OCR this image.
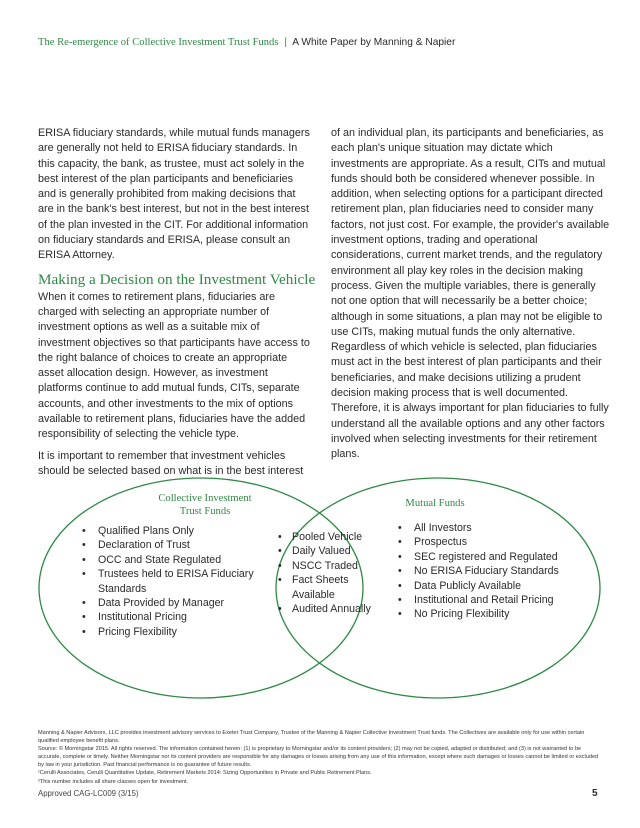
The Re-emergence of Collective Investment Trust Funds | A White Paper by Manning & Napier

ERISA fiduciary standards, while mutual funds managers are generally not held to ERISA fiduciary standards. In this capacity, the bank, as trustee, must act solely in the best interest of the plan participants and beneficiaries and is generally prohibited from making decisions that are in the bank's best interest, but not in the best interest of the plan invested in the CIT. For additional information on fiduciary standards and ERISA, please consult an ERISA Attorney.

Making a Decision on the Investment Vehicle

When it comes to retirement plans, fiduciaries are charged with selecting an appropriate number of investment options as well as a suitable mix of investment objectives so that participants have access to the right balance of choices to create an appropriate asset allocation design. However, as investment platforms continue to add mutual funds, CITs, separate accounts, and other investments to the mix of options available to retirement plans, fiduciaries have the added responsibility of selecting the vehicle type.

It is important to remember that investment vehicles should be selected based on what is in the best interest

of an individual plan, its participants and beneficiaries, as each plan's unique situation may dictate which investments are appropriate. As a result, CITs and mutual funds should both be considered whenever possible. In addition, when selecting options for a participant directed retirement plan, plan fiduciaries need to consider many factors, not just cost. For example, the provider's available investment options, trading and operational considerations, current market trends, and the regulatory environment all play key roles in the decision making process. Given the multiple variables, there is generally not one option that will necessarily be a better choice; although in some situations, a plan may not be eligible to use CITs, making mutual funds the only alternative. Regardless of which vehicle is selected, plan fiduciaries must act in the best interest of plan participants and their beneficiaries, and make decisions utilizing a prudent decision making process that is well documented. Therefore, it is always important for plan fiduciaries to fully understand all the available options and any other factors involved when selecting investments for their retirement plans.

Collective Investment
Trust Funds
Mutual Funds
• Qualified Plans Only
• Declaration of Trust
• OCC and State Regulated
• Trustees held to ERISA Fiduciary Standards
• Data Provided by Manager
• Institutional Pricing
• Pricing Flexibility
• Pooled Vehicle
• Daily Valued
• NSCC Traded
• Fact Sheets Available
• Audited Annually
• All Investors
• Prospectus
• SEC registered and Regulated
• No ERISA Fiduciary Standards
• Data Publicly Available
• Institutional and Retail Pricing
• No Pricing Flexibility
Manning & Napier Advisors, LLC provides investment advisory services to Exeter Trust Company, Trustee of the Manning & Napier Collective Investment Trust funds. The Collectives are available only for use within certain qualified employee benefit plans.
Source: © Morningstar 2015. All rights reserved. The information contained herein: (1) is proprietary to Morningstar and/or its content providers; (2) may not be copied, adapted or distributed; and (3) is not warranted to be accurate, complete or timely. Neither Morningstar nor its content providers are responsible for any damages or losses arising from any use of this information, except where such damages or losses cannot be limited or excluded by law in your jurisdiction. Past financial performance is no guarantee of future results.
¹Cerulli Associates, Cerulli Quantitative Update, Retirement Markets 2014: Sizing Opportunities in Private and Public Retirement Plans.
²This number includes all share classes open for investment.
Approved CAG-LC009 (3/15)	5
